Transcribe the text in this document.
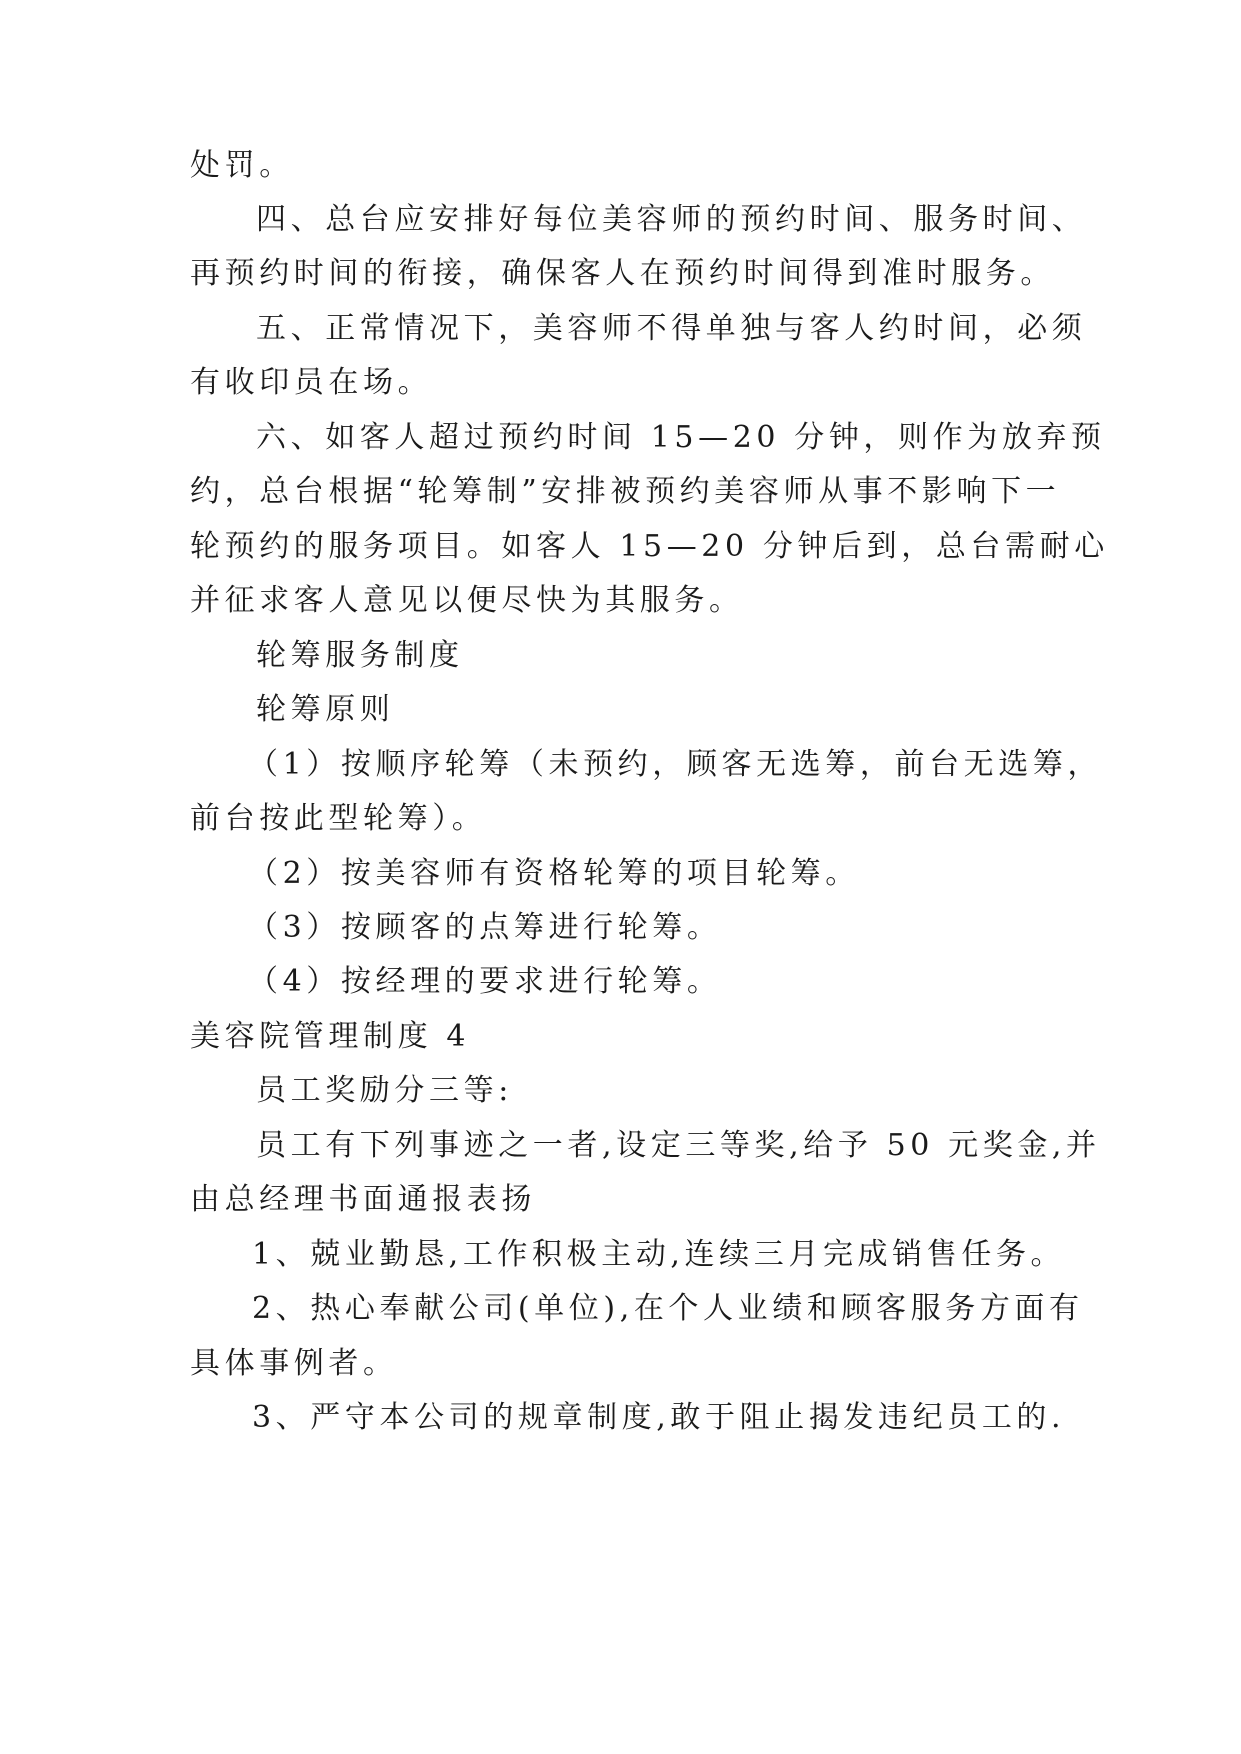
处罚。
四、总台应安排好每位美容师的预约时间、服务时间、
再预约时间的衔接，确保客人在预约时间得到准时服务。
五、正常情况下，美容师不得单独与客人约时间，必须
有收印员在场。
六、如客人超过预约时间 15—20 分钟，则作为放弃预
约，总台根据“轮筹制”安排被预约美容师从事不影响下一
轮预约的服务项目。如客人 15—20 分钟后到，总台需耐心
并征求客人意见以便尽快为其服务。
轮筹服务制度
轮筹原则
（1）按顺序轮筹（未预约，顾客无选筹，前台无选筹，
前台按此型轮筹）。
（2）按美容师有资格轮筹的项目轮筹。
（3）按顾客的点筹进行轮筹。
（4）按经理的要求进行轮筹。
美容院管理制度 4
员工奖励分三等:
员工有下列事迹之一者,设定三等奖,给予 50 元奖金,并
由总经理书面通报表扬
1、兢业勤恳,工作积极主动,连续三月完成销售任务。
2、热心奉献公司(单位),在个人业绩和顾客服务方面有
具体事例者。
3、严守本公司的规章制度,敢于阻止揭发违纪员工的.
